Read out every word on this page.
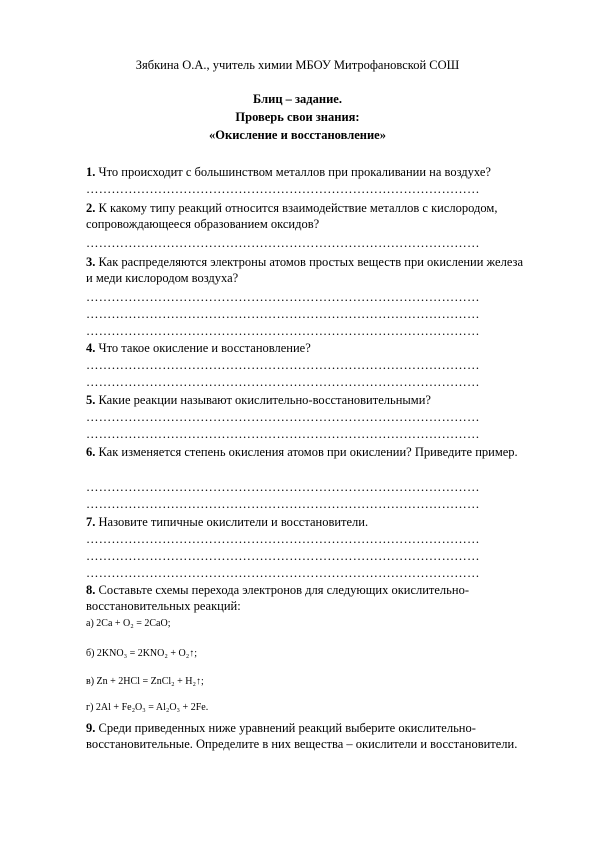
Зябкина О.А., учитель химии МБОУ Митрофановской СОШ
Блиц – задание.
Проверь свои знания:
«Окисление и восстановление»
1. Что происходит с большинством металлов при прокаливании на воздухе?
…………………………………………………………………………………
2. К какому типу реакций относится взаимодействие металлов с кислородом, сопровождающееся образованием оксидов?
…………………………………………………………………………………
3. Как распределяются электроны атомов простых веществ при окислении железа и меди кислородом воздуха?
…………………………………………………………………………………
…………………………………………………………………………………
…………………………………………………………………………………
4. Что такое окисление и восстановление?
…………………………………………………………………………………
…………………………………………………………………………………
5. Какие реакции называют окислительно-восстановительными?
…………………………………………………………………………………
…………………………………………………………………………………
6. Как изменяется степень окисления атомов при окислении? Приведите пример.
…………………………………………………………………………………
…………………………………………………………………………………
7. Назовите типичные окислители и восстановители.
…………………………………………………………………………………
…………………………………………………………………………………
…………………………………………………………………………………
8. Составьте схемы перехода электронов для следующих окислительно-восстановительных реакций:
а) 2Ca + O₂ = 2CaO;
б) 2KNO₃ = 2KNO₂ + O₂↑;
в) Zn + 2HCl = ZnCl₂ + H₂↑;
г) 2Al + Fe₂O₃ = Al₂O₃ + 2Fe.
9. Среди приведенных ниже уравнений реакций выберите окислительно-восстановительные. Определите в них вещества – окислители и восстановители.
